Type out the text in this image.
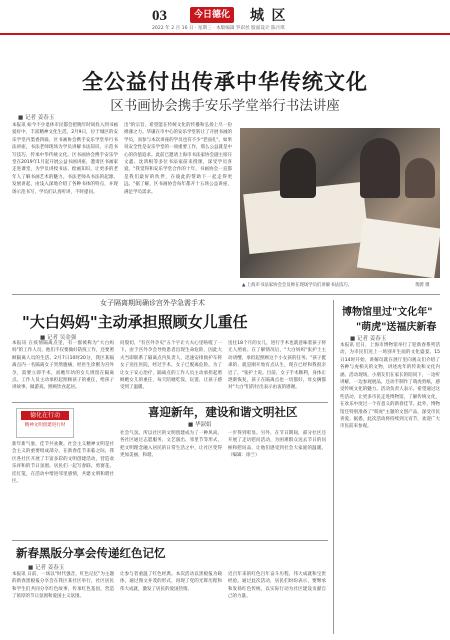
03	今日德化 城 区
2022 年 2 月 16 日 · 星期三 · 本版编辑 罗彩丝 版面设计 陈月琪
全公益付出传承中华传统文化
区书画协会携手安乐学堂举行书法讲座
■ 记者 姜春玉
本报讯 如今不少退休市民都会把晚年时间投入到书画爱好中，丰富精神文化生活。2月9日，位于城区的安乐学堂内墨香四溢，区书画协会携手安乐学堂举行书法讲座，书法老师现场为学员讲解书法知识，示范书写技巧，传承中华传统文化。区书画协会携手安乐学堂在2019年1月起开展公益书画讲座，邀请区书画家走进课堂，为学员讲授书法、绘画知识，让更多的老年人了解书画艺术的魅力。书法老师从书法的起源、发展讲起，由浅入深地介绍了各种书体的特点，并现场示范书写，学员们认真听讲，不时提问。
出"的宗旨，希望能在传统文化的传播和弘扬上尽一份绵薄之力。华谦在市中心的安乐学堂转让了开展书画的学员，而参与本次讲座的学员也有不少"老面孔"。如果说安全性是安乐学堂的一项重要工作，那么公益就是中心的价值追求。此前已邀请上海市书法家协会副主席汪文鑫、沈鸿根等多位书法家前来授课，深受学员喜爱。"我觉得和安乐学堂合作的十年，书画协会一直都是我们最好的伙伴，在彼此的帮助下一起走得更远。"据了解，区书画协会每年都开十五场公益讲座，满足学员需求。
▲ 上海市书法家协会会员帅在现场学员们讲解书法技巧。	黄蔚 摄
女子隔离期间确诊宫外孕急需手术
"大白妈妈"主动承担照顾女儿重任
■ 记者 吴金强
本报讯 在疫情隔离点里，有一群被称为"大白妈妈"的工作人员，他们不仅要做好防疫工作，还要照顾隔离人员的生活。2月7日10时20分，我区某隔离点内一名隔离女子突然腹痛，经医生诊断为宫外孕，需要立即手术，而她年幼的女儿则留在隔离点。工作人员主动承担起照顾孩子的重任，给孩子讲故事、做游戏、照顾饮食起居。
问殷切，"有宫外孕史"五个字让大夫心里咯噔了一下。由于宫外孕会导致患者出现生命危险，因此大夫当即联系了隔离点内负责人，迅速安排救护车将女子送往医院，经过手术，女子已脱离危险。为了让女子安心治疗，隔离点的工作人员主动承担起照顾她女儿的重任，每天陪她吃饭、玩耍，让孩子感受到了温暖。
送往18个月的女儿，进行手术也就意味着孩子将无人照看。在了解情况后，"大白妈妈"张护士主动请缨，承担起照顾这个小女孩的任务。"孩子挺乖的，就是刚开始有点认生，现在已经和我很亲近了。"张护士说。目前，女子手术顺利，身体正逐渐恢复，孩子在隔离点也一切都好，母女俩都对"大白"们的付出表示由衷的感谢。
德化在行动
精神文明创建进行时
喜迎新年，建设和谐文明社区
■ 华淑娟
新年新气象，佳节共欢聚。社会主义精神文明是社会主义的重要组成部分。在新春佳节来临之际，我区各社区开展了丰富多彩的文明创建活动，营造欢乐祥和的节日氛围。居民们一起写春联、剪窗花、挂灯笼，在活动中增进邻里感情，共建文明和谐社区。
社会气氛。所以社区的文明创建成为了一种风尚。各社区通过志愿服务、文艺演出、邻里节等形式，把文明理念融入居民的日常生活之中，让社区变得更加美丽、和谐。
一步得到彰显。另外，在节日期间，部分社区还开展了走访慰问活动，为困难群众送去节日的问候和慰问品，让他们感受到社会大家庭的温暖。（编辑：徐兰）
新春黑版分享会传递红色记忆
■ 记者 姜春玉
本报讯 日前，一场以"时代强音，红色记忆"为主题的新春黑板报分享会在我区某社区举行，社区居民和学生们共同分享红色故事，传承红色基因，营造了浓厚的节日氛围和爱国主义氛围。
让参与者重温了红色经典。本次活动以黑板报为载体，通过图文并茂的形式，再现了党的光辉历程和伟大成就，激发了居民的爱国热情。
近百年来的红色百年奋斗历程、伟大成就和宝贵经验。通过此次活动，居民们纷纷表示，要继承和发扬红色传统，以实际行动为社区建设贡献自己的力量。
博物馆里过"文化年"
"萌虎"送福庆新春
■ 记者 姜春玉
本报讯 近日，上海市博物馆举行了迎新春系列活动，为市民们送上一场别开生面的文化盛宴。15日14时开始，讲解员就在展厅里向观众们介绍了各种与虎相关的文物，讲述虎年的传说和文化内涵。活动现场，小朋友们在家长的陪同下，一边听讲解，一边参观展品，还动手制作了萌虎剪纸，感受传统文化的魅力。活动负责人表示，希望通过这些活动，让更多市民走进博物馆，了解传统文化，在欢乐中度过一个有意义的新春佳节。此外，博物馆还特别准备了"萌虎"主题的文创产品，深受市民喜爱。据悉，此次活动将持续到元宵节，欢迎广大市民前来参观。
